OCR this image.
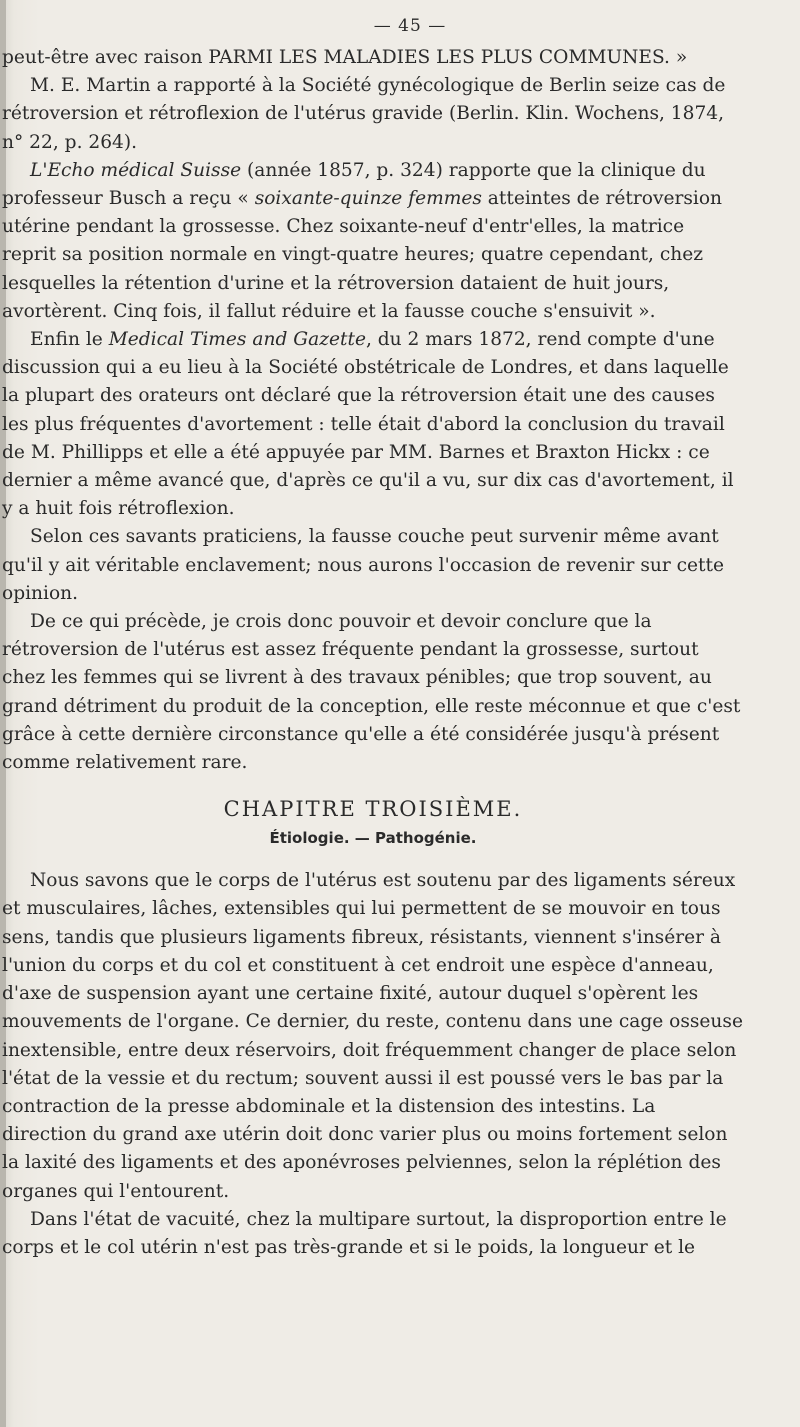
— 45 —

peut-être avec raison PARMI LES MALADIES LES PLUS COMMUNES. »

M. E. Martin a rapporté à la Société gynécologique de Berlin seize cas de

rétroversion et rétroflexion de l'utérus gravide (Berlin. Klin. Wochens, 1874,

n° 22, p. 264).

L'Echo médical Suisse (année 1857, p. 324) rapporte que la clinique du professeur Busch a reçu « soixante-quinze femmes atteintes de rétroversion utérine pendant la grossesse. Chez soixante-neuf d'entr'elles, la matrice reprit sa position normale en vingt-quatre heures; quatre cependant, chez lesquelles la rétention d'urine et la rétroversion dataient de huit jours, avortèrent. Cinq fois, il fallut réduire et la fausse couche s'ensuivit ».

Enfin le Medical Times and Gazette, du 2 mars 1872, rend compte d'une discussion qui a eu lieu à la Société obstétricale de Londres, et dans laquelle la plupart des orateurs ont déclaré que la rétroversion était une des causes les plus fréquentes d'avortement : telle était d'abord la conclusion du travail de M. Phillipps et elle a été appuyée par MM. Barnes et Braxton Hickx : ce dernier a même avancé que, d'après ce qu'il a vu, sur dix cas d'avortement, il y a huit fois rétroflexion.

Selon ces savants praticiens, la fausse couche peut survenir même avant qu'il y ait véritable enclavement; nous aurons l'occasion de revenir sur cette opinion.

De ce qui précède, je crois donc pouvoir et devoir conclure que la rétroversion de l'utérus est assez fréquente pendant la grossesse, surtout chez les femmes qui se livrent à des travaux pénibles; que trop souvent, au grand détriment du produit de la conception, elle reste méconnue et que c'est grâce à cette dernière circonstance qu'elle a été considérée jusqu'à présent comme relativement rare.

CHAPITRE TROISIÈME.

Étiologie. — Pathogénie.

Nous savons que le corps de l'utérus est soutenu par des ligaments séreux et musculaires, lâches, extensibles qui lui permettent de se mouvoir en tous sens, tandis que plusieurs ligaments fibreux, résistants, viennent s'insérer à l'union du corps et du col et constituent à cet endroit une espèce d'anneau, d'axe de suspension ayant une certaine fixité, autour duquel s'opèrent les mouvements de l'organe. Ce dernier, du reste, contenu dans une cage osseuse inextensible, entre deux réservoirs, doit fréquemment changer de place selon l'état de la vessie et du rectum; souvent aussi il est poussé vers le bas par la contraction de la presse abdominale et la distension des intestins. La direction du grand axe utérin doit donc varier plus ou moins fortement selon la laxité des ligaments et des aponévroses pelviennes, selon la réplétion des organes qui l'entourent.

Dans l'état de vacuité, chez la multipare surtout, la disproportion entre le corps et le col utérin n'est pas très-grande et si le poids, la longueur et le
